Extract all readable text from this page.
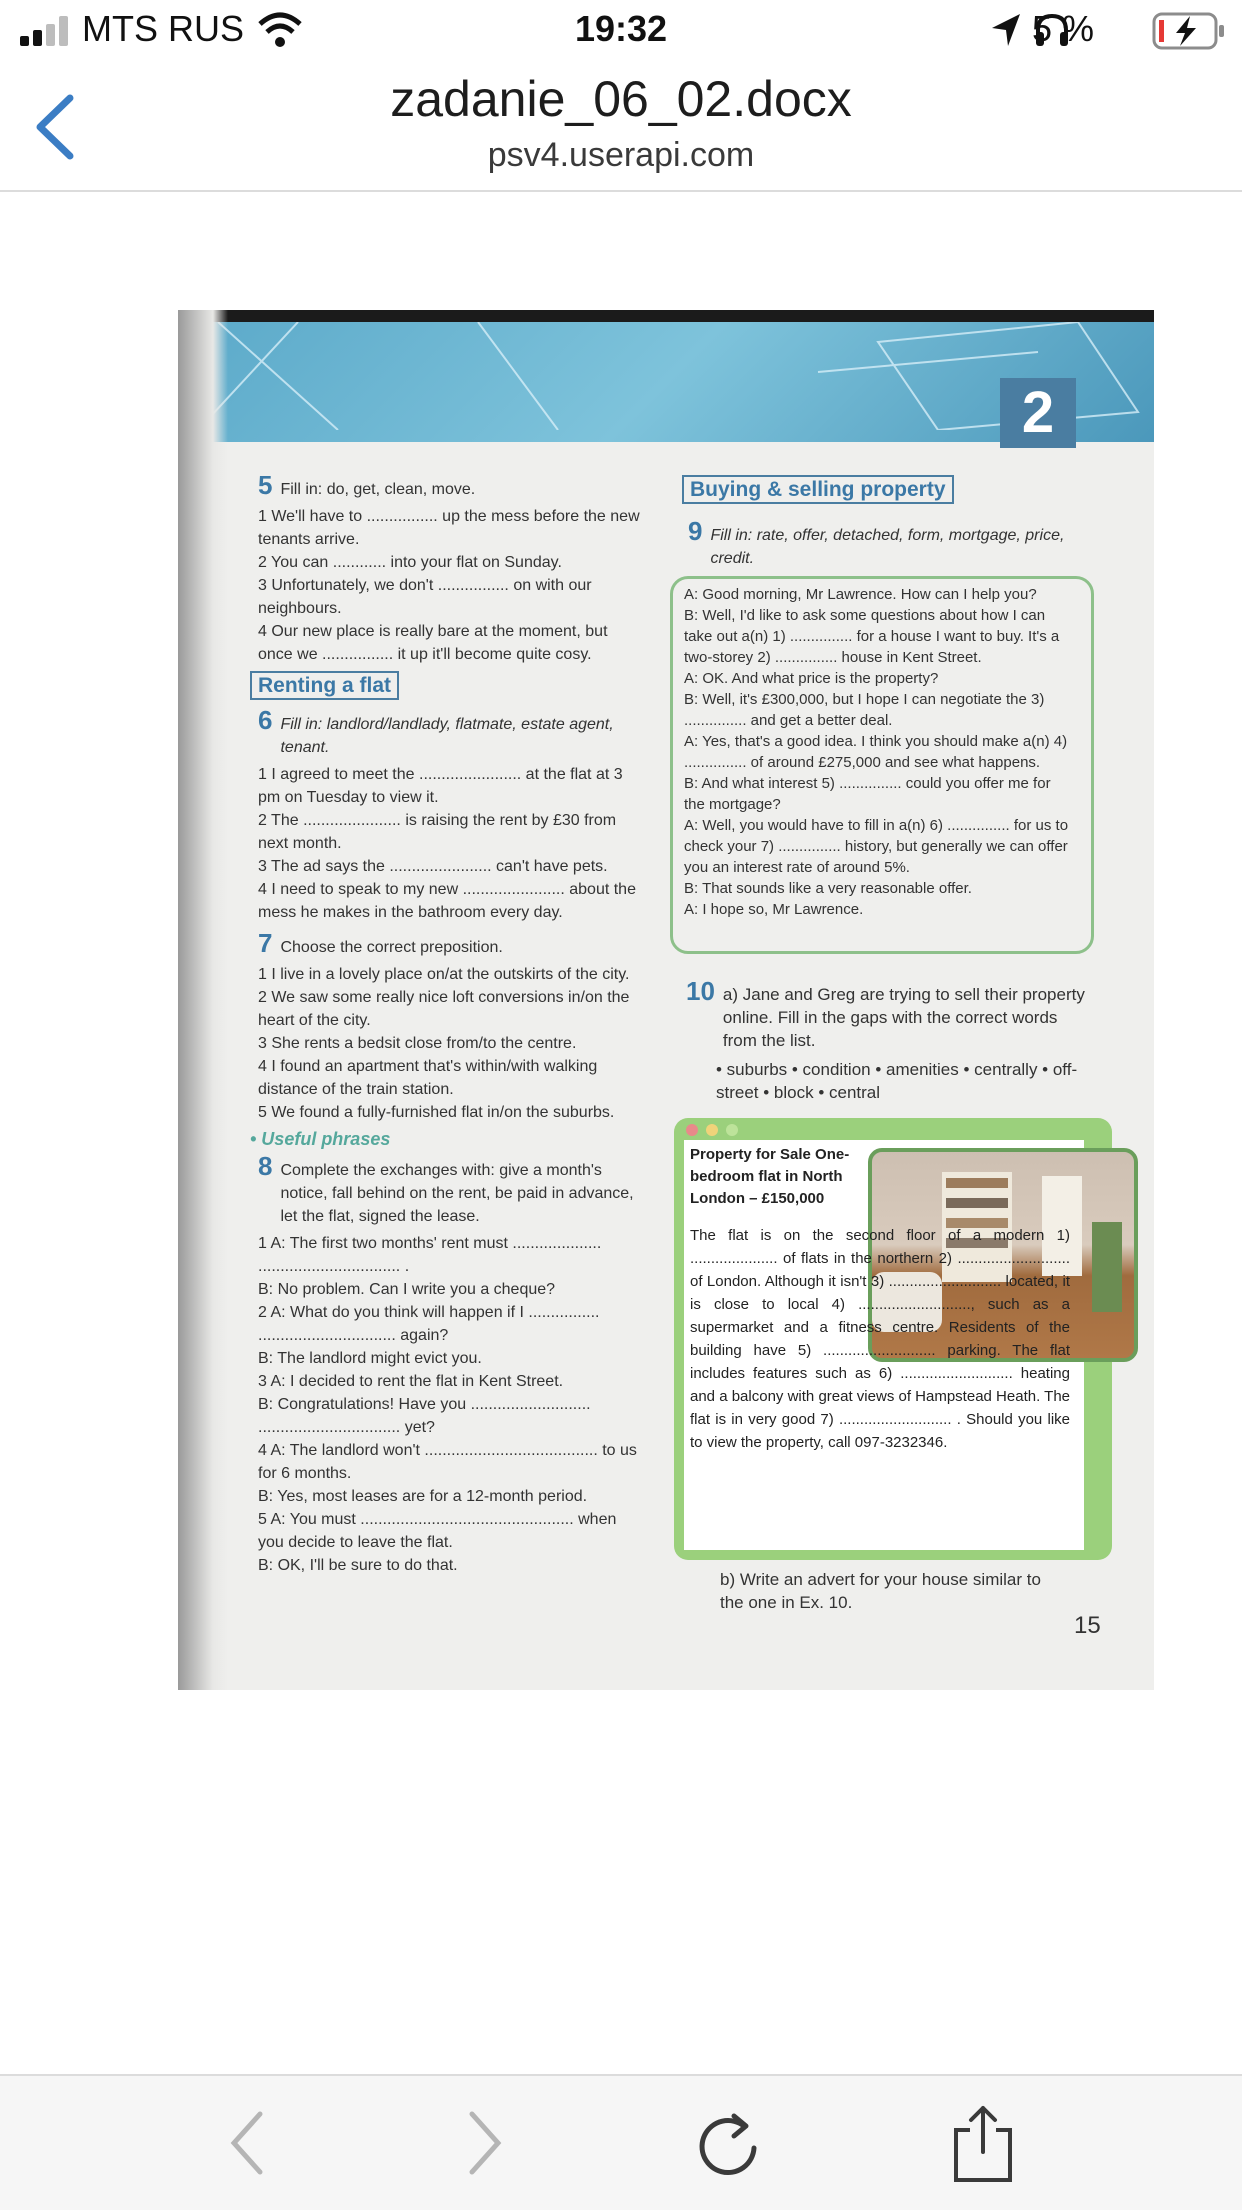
MTS RUS	19:32	5 %
zadanie_06_02.docx
psv4.userapi.com
2
5 Fill in: do, get, clean, move.
1 We'll have to ................ up the mess before the new tenants arrive.
2 You can ............ into your flat on Sunday.
3 Unfortunately, we don't ................ on with our neighbours.
4 Our new place is really bare at the moment, but once we ................ it up it'll become quite cosy.
Renting a flat
6 Fill in: landlord/landlady, flatmate, estate agent, tenant.
1 I agreed to meet the ....................... at the flat at 3 pm on Tuesday to view it.
2 The ...................... is raising the rent by £30 from next month.
3 The ad says the ....................... can't have pets.
4 I need to speak to my new ....................... about the mess he makes in the bathroom every day.
7 Choose the correct preposition.
1 I live in a lovely place on/at the outskirts of the city.
2 We saw some really nice loft conversions in/on the heart of the city.
3 She rents a bedsit close from/to the centre.
4 I found an apartment that's within/with walking distance of the train station.
5 We found a fully-furnished flat in/on the suburbs.
• Useful phrases
8 Complete the exchanges with: give a month's notice, fall behind on the rent, be paid in advance, let the flat, signed the lease.
1 A: The first two months' rent must .................... ................................ .
B: No problem. Can I write you a cheque?
2 A: What do you think will happen if I ................ ............................... again?
B: The landlord might evict you.
3 A: I decided to rent the flat in Kent Street.
B: Congratulations! Have you ........................... ................................ yet?
4 A: The landlord won't ....................................... to us for 6 months.
B: Yes, most leases are for a 12-month period.
5 A: You must ................................................ when you decide to leave the flat.
B: OK, I'll be sure to do that.
Buying & selling property
9 Fill in: rate, offer, detached, form, mortgage, price, credit.
A: Good morning, Mr Lawrence. How can I help you?
B: Well, I'd like to ask some questions about how I can take out a(n) 1) ............... for a house I want to buy. It's a two-storey 2) ............... house in Kent Street.
A: OK. And what price is the property?
B: Well, it's £300,000, but I hope I can negotiate the 3) ............... and get a better deal.
A: Yes, that's a good idea. I think you should make a(n) 4) ............... of around £275,000 and see what happens.
B: And what interest 5) ............... could you offer me for the mortgage?
A: Well, you would have to fill in a(n) 6) ............... for us to check your 7) ............... history, but generally we can offer you an interest rate of around 5%.
B: That sounds like a very reasonable offer.
A: I hope so, Mr Lawrence.
10 a) Jane and Greg are trying to sell their property online. Fill in the gaps with the correct words from the list.
• suburbs • condition • amenities • centrally • off-street • block • central
Property for Sale One-bedroom flat in North London – £150,000
The flat is on the second floor of a modern 1) ..................... of flats in the northern 2) ........................... of London. Although it isn't 3) ........................... located, it is close to local 4) ..........................., such as a supermarket and a fitness centre. Residents of the building have 5) ........................... parking. The flat includes features such as 6) ........................... heating and a balcony with great views of Hampstead Heath. The flat is in very good 7) ........................... . Should you like to view the property, call 097-3232346.
b) Write an advert for your house similar to the one in Ex. 10.
15
